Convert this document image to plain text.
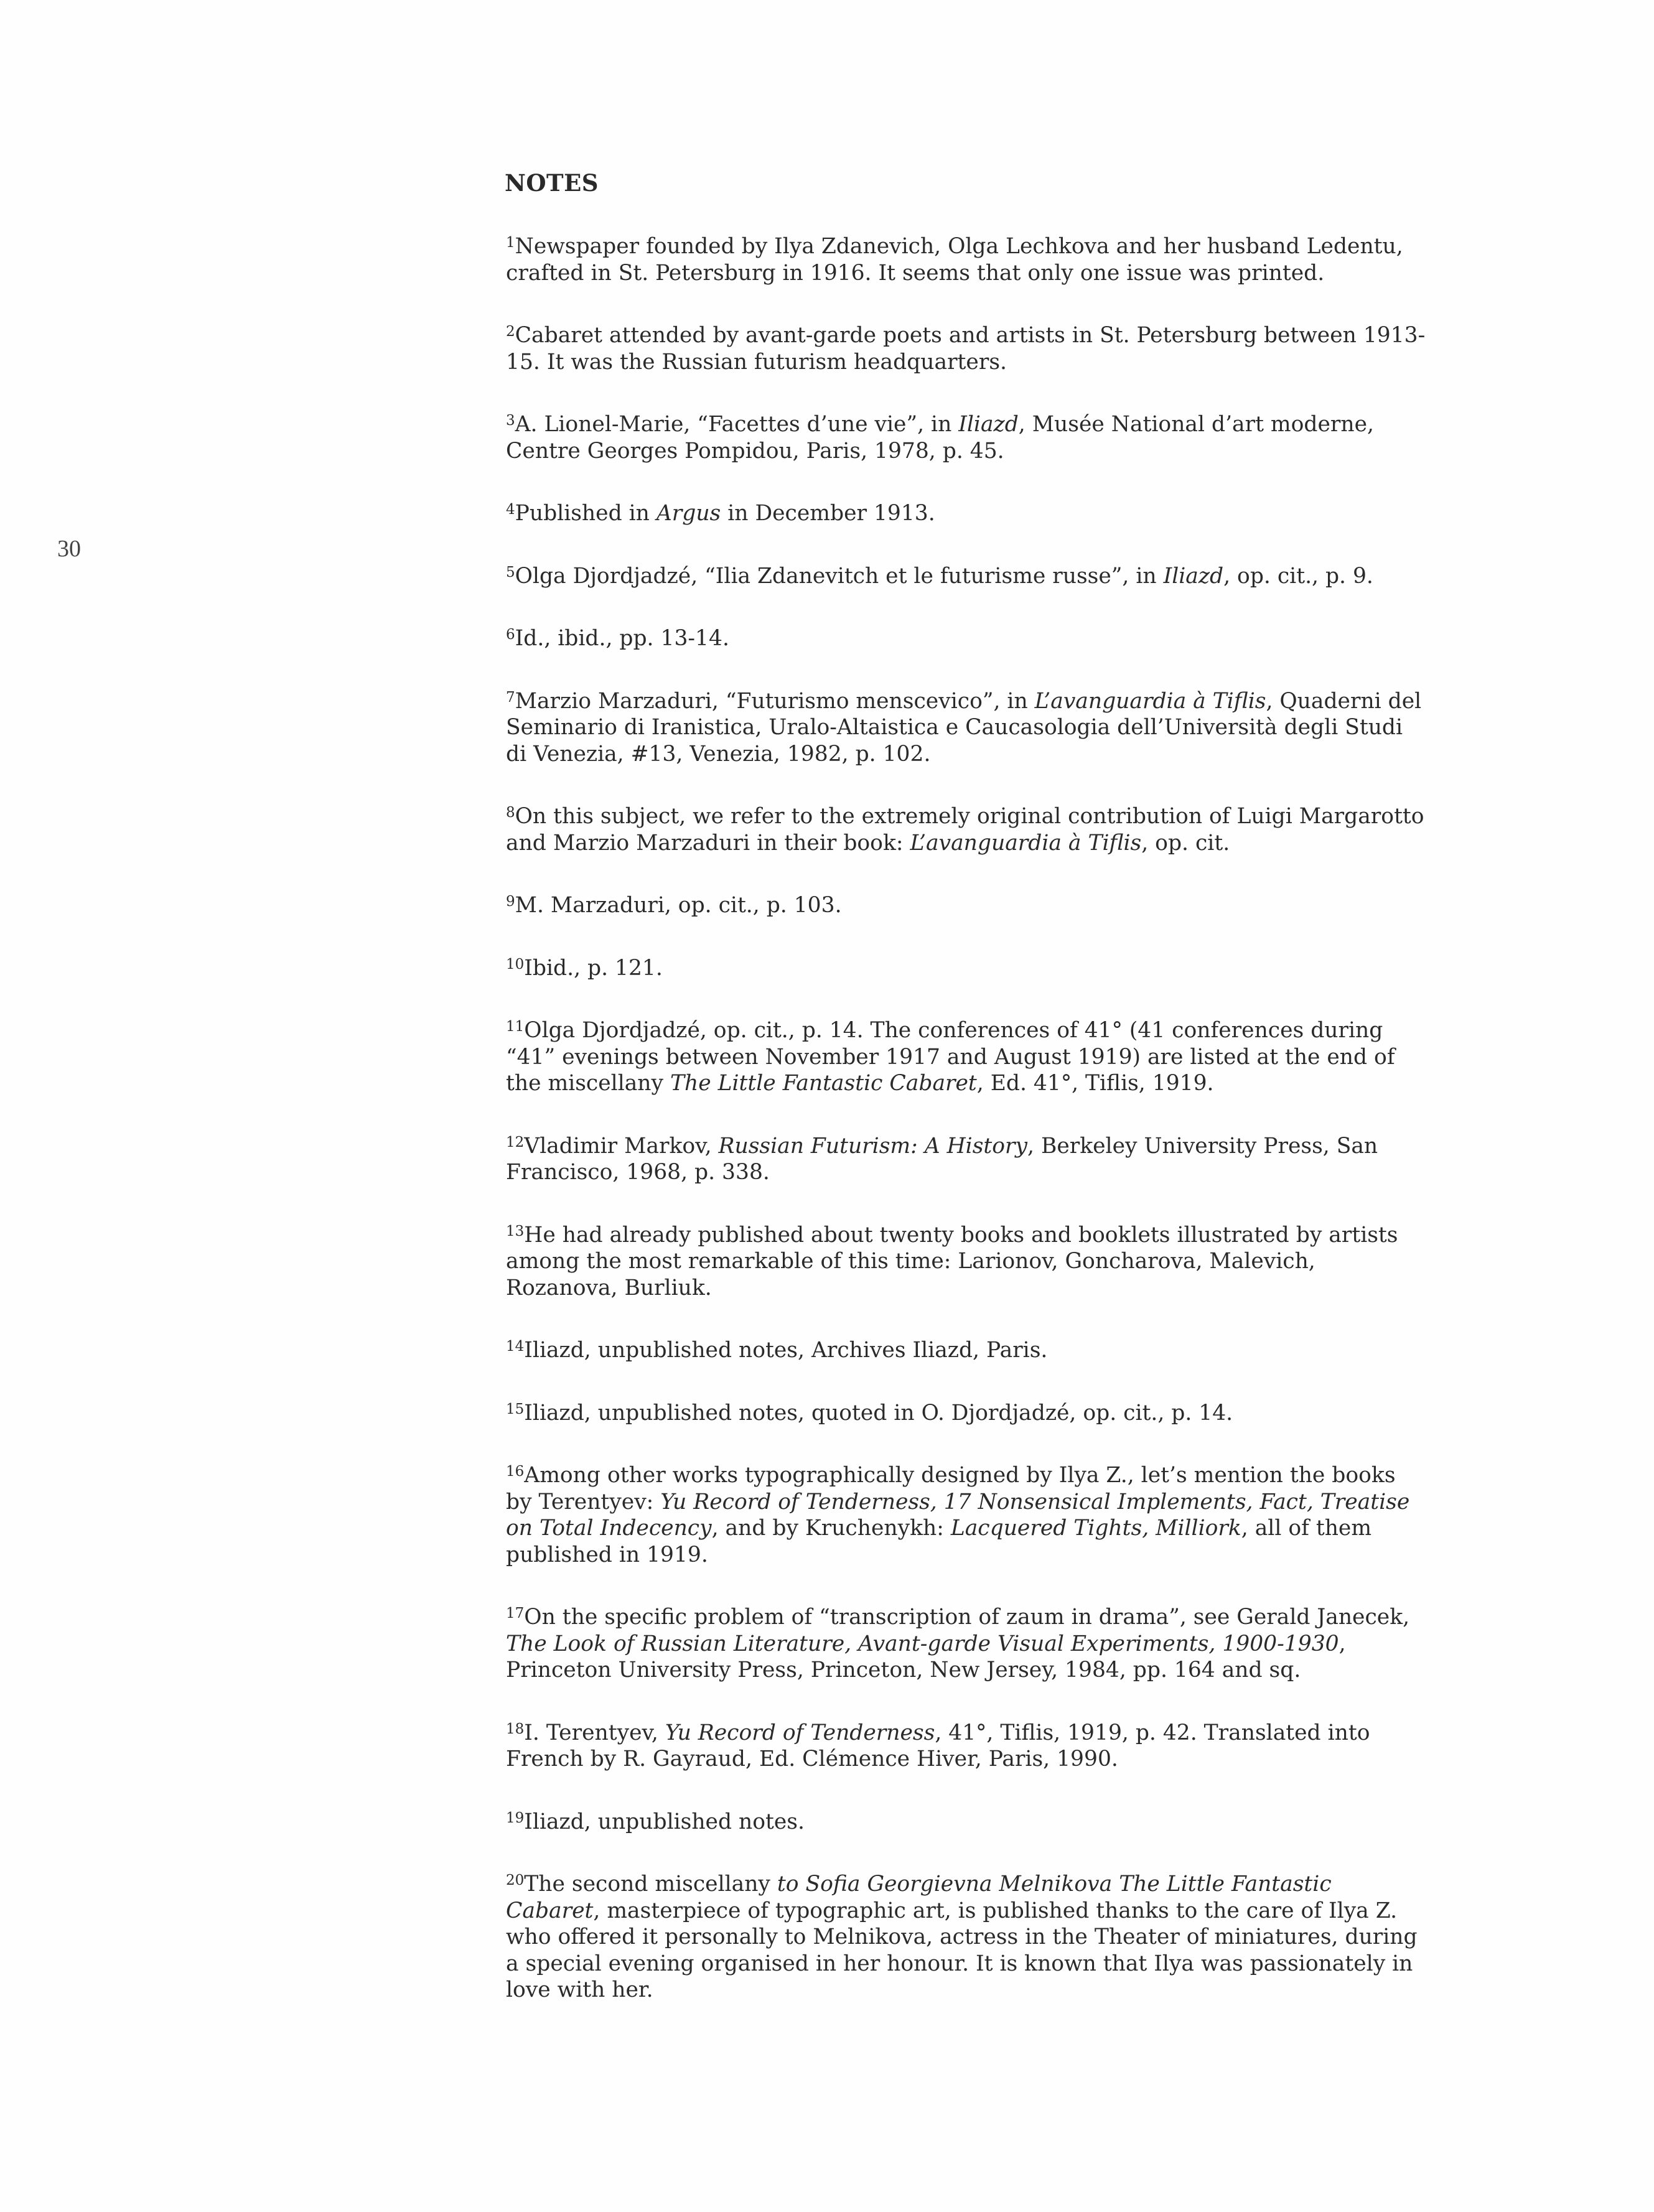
30
NOTES

$^1$Newspaper founded by Ilya Zdanevich, Olga Lechkova and her husband Ledentu, crafted in St. Petersburg in 1916. It seems that only one issue was printed.

$^2$Cabaret attended by avant-garde poets and artists in St. Petersburg between 1913-15. It was the Russian futurism headquarters.

$^3$A. Lionel-Marie, “Facettes d’une vie”, in Iliazd, Musée National d’art moderne, Centre Georges Pompidou, Paris, 1978, p. 45.

$^4$Published in Argus in December 1913.

$^5$Olga Djordjadzé, “Ilia Zdanevitch et le futurisme russe”, in Iliazd, op. cit., p. 9.

$^6$Id., ibid., pp. 13-14.

$^7$Marzio Marzaduri, “Futurismo menscevico”, in L’avanguardia à Tiflis, Quaderni del Seminario di Iranistica, Uralo-Altaistica e Caucasologia dell’Università degli Studi di Venezia, #13, Venezia, 1982, p. 102.

$^8$On this subject, we refer to the extremely original contribution of Luigi Margarotto and Marzio Marzaduri in their book: L’avanguardia à Tiflis, op. cit.

$^9$M. Marzaduri, op. cit., p. 103.

$^{10}$Ibid., p. 121.

$^{11}$Olga Djordjadzé, op. cit., p. 14. The conferences of 41° (41 conferences during “41” evenings between November 1917 and August 1919) are listed at the end of the miscellany The Little Fantastic Cabaret, Ed. 41°, Tiflis, 1919.

$^{12}$Vladimir Markov, Russian Futurism: A History, Berkeley University Press, San Francisco, 1968, p. 338.

$^{13}$He had already published about twenty books and booklets illustrated by artists among the most remarkable of this time: Larionov, Goncharova, Malevich, Rozanova, Burliuk.

$^{14}$Iliazd, unpublished notes, Archives Iliazd, Paris.

$^{15}$Iliazd, unpublished notes, quoted in O. Djordjadzé, op. cit., p. 14.

$^{16}$Among other works typographically designed by Ilya Z., let’s mention the books by Terentyev: Yu Record of Tenderness, 17 Nonsensical Implements, Fact, Treatise on Total Indecency, and by Kruchenykh: Lacquered Tights, Milliork, all of them published in 1919.

$^{17}$On the specific problem of “transcription of zaum in drama”, see Gerald Janecek, The Look of Russian Literature, Avant-garde Visual Experiments, 1900-1930, Princeton University Press, Princeton, New Jersey, 1984, pp. 164 and sq.

$^{18}$I. Terentyev, Yu Record of Tenderness, 41°, Tiflis, 1919, p. 42. Translated into French by R. Gayraud, Ed. Clémence Hiver, Paris, 1990.

$^{19}$Iliazd, unpublished notes.

$^{20}$The second miscellany to Sofia Georgievna Melnikova The Little Fantastic Cabaret, masterpiece of typographic art, is published thanks to the care of Ilya Z. who offered it personally to Melnikova, actress in the Theater of miniatures, during a special evening organised in her honour. It is known that Ilya was passionately in love with her.
